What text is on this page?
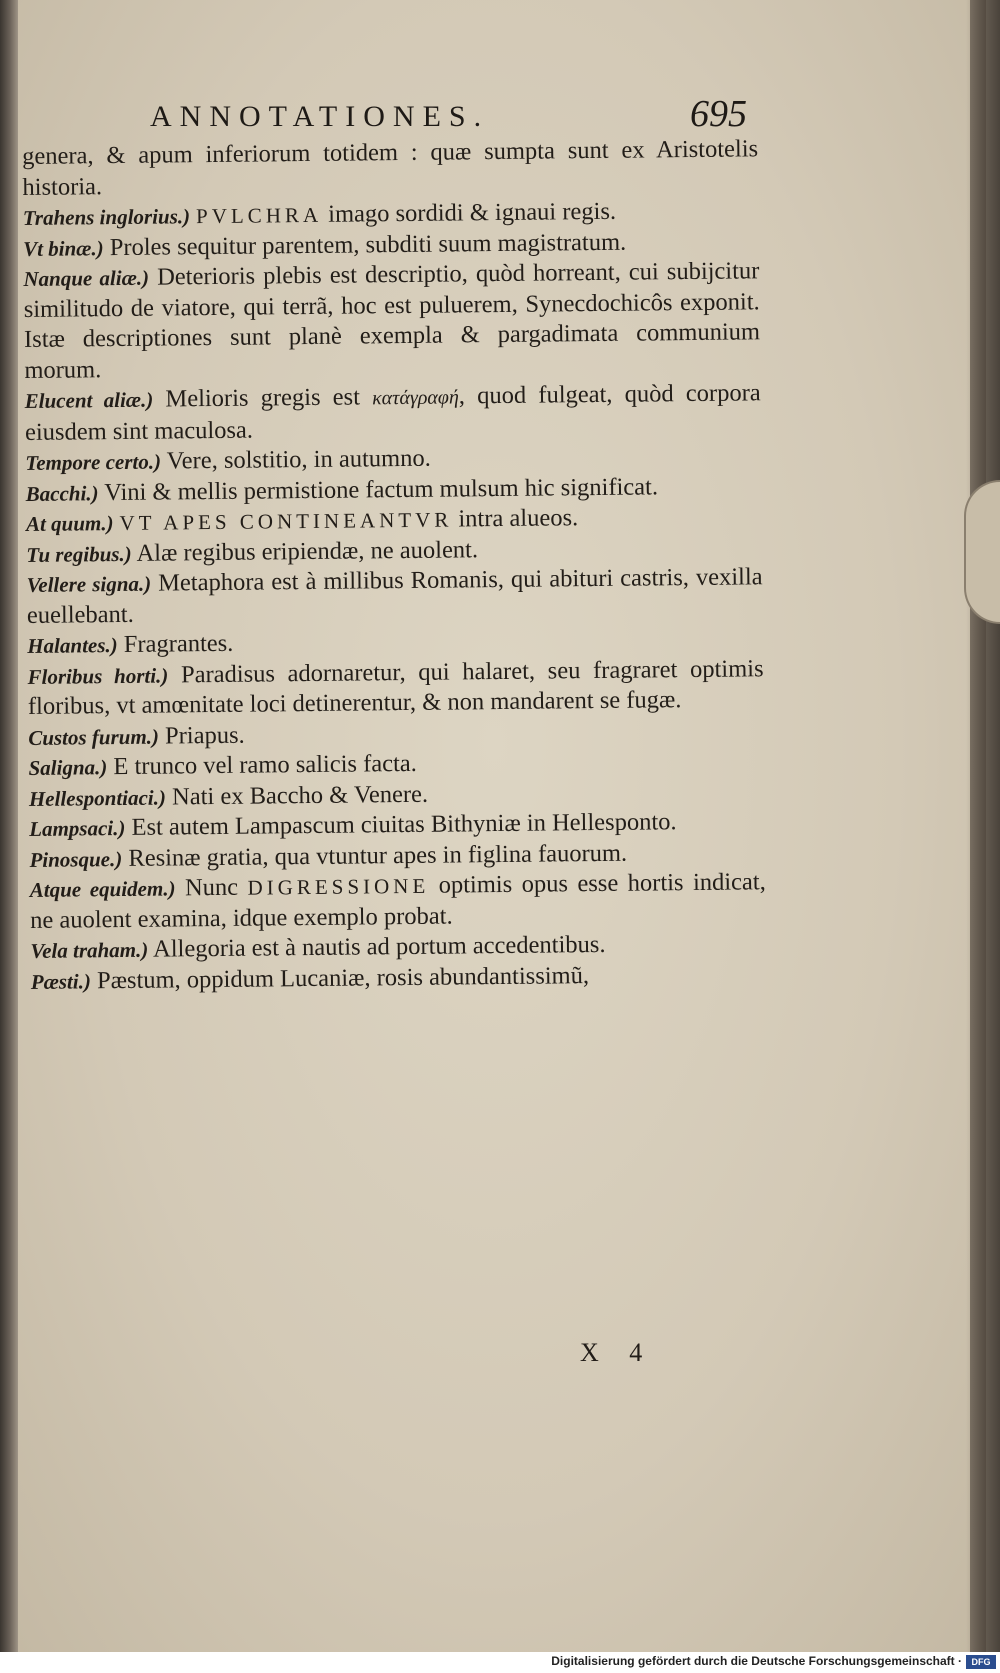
ANNOTATIONES.	695

genera, & apum inferiorum totidem : quæ sumpta sunt ex Aristotelis historia.

Trahens inglorius.) PVLCHRA imago sordidi & ignaui regis.

Vt binæ.) Proles sequitur parentem, subditi suum magistratum.

Nanque aliæ.) Deterioris plebis est descriptio, quòd horreant, cui subijcitur similitudo de viatore, qui terrã, hoc est puluerem, Synecdochicôs exponit. Istæ descriptiones sunt planè exempla & pargadimata communium morum.

Elucent aliæ.) Melioris gregis est κατάγραφή, quod fulgeat, quòd corpora eiusdem sint maculosa.

Tempore certo.) Vere, solstitio, in autumno.

Bacchi.) Vini & mellis permistione factum mulsum hic significat.

At quum.) VT APES CONTINEANTVR intra alueos.

Tu regibus.) Alæ regibus eripiendæ, ne auolent.

Vellere signa.) Metaphora est à millibus Romanis, qui abituri castris, vexilla euellebant.

Halantes.) Fragrantes.

Floribus horti.) Paradisus adornaretur, qui halaret, seu fragraret optimis floribus, vt amœnitate loci detinerentur, & non mandarent se fugæ.

Custos furum.) Priapus.

Saligna.) E trunco vel ramo salicis facta.

Hellespontiaci.) Nati ex Baccho & Venere.

Lampsaci.) Est autem Lampascum ciuitas Bithyniæ in Hellesponto.

Pinosque.) Resinæ gratia, qua vtuntur apes in figlina fauorum.

Atque equidem.) Nunc DIGRESSIONE optimis opus esse hortis indicat, ne auolent examina, idque exemplo probat.

Vela traham.) Allegoria est à nautis ad portum accedentibus.

Pæsti.) Pæstum, oppidum Lucaniæ, rosis abundantissimũ,

X 4
Digitalisierung gefördert durch die Deutsche Forschungsgemeinschaft ·	DFG
